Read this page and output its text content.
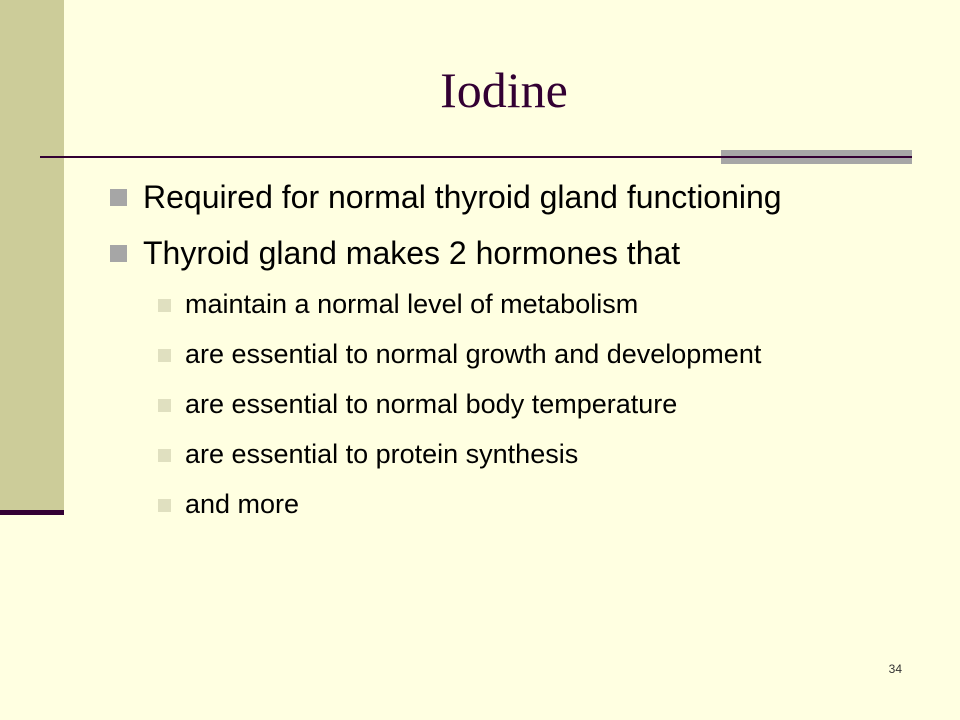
Iodine
Required for normal thyroid gland functioning
Thyroid gland makes 2 hormones that
maintain a normal level of metabolism
are essential to normal growth and development
are essential to normal body temperature
are essential to protein synthesis
and more
34
